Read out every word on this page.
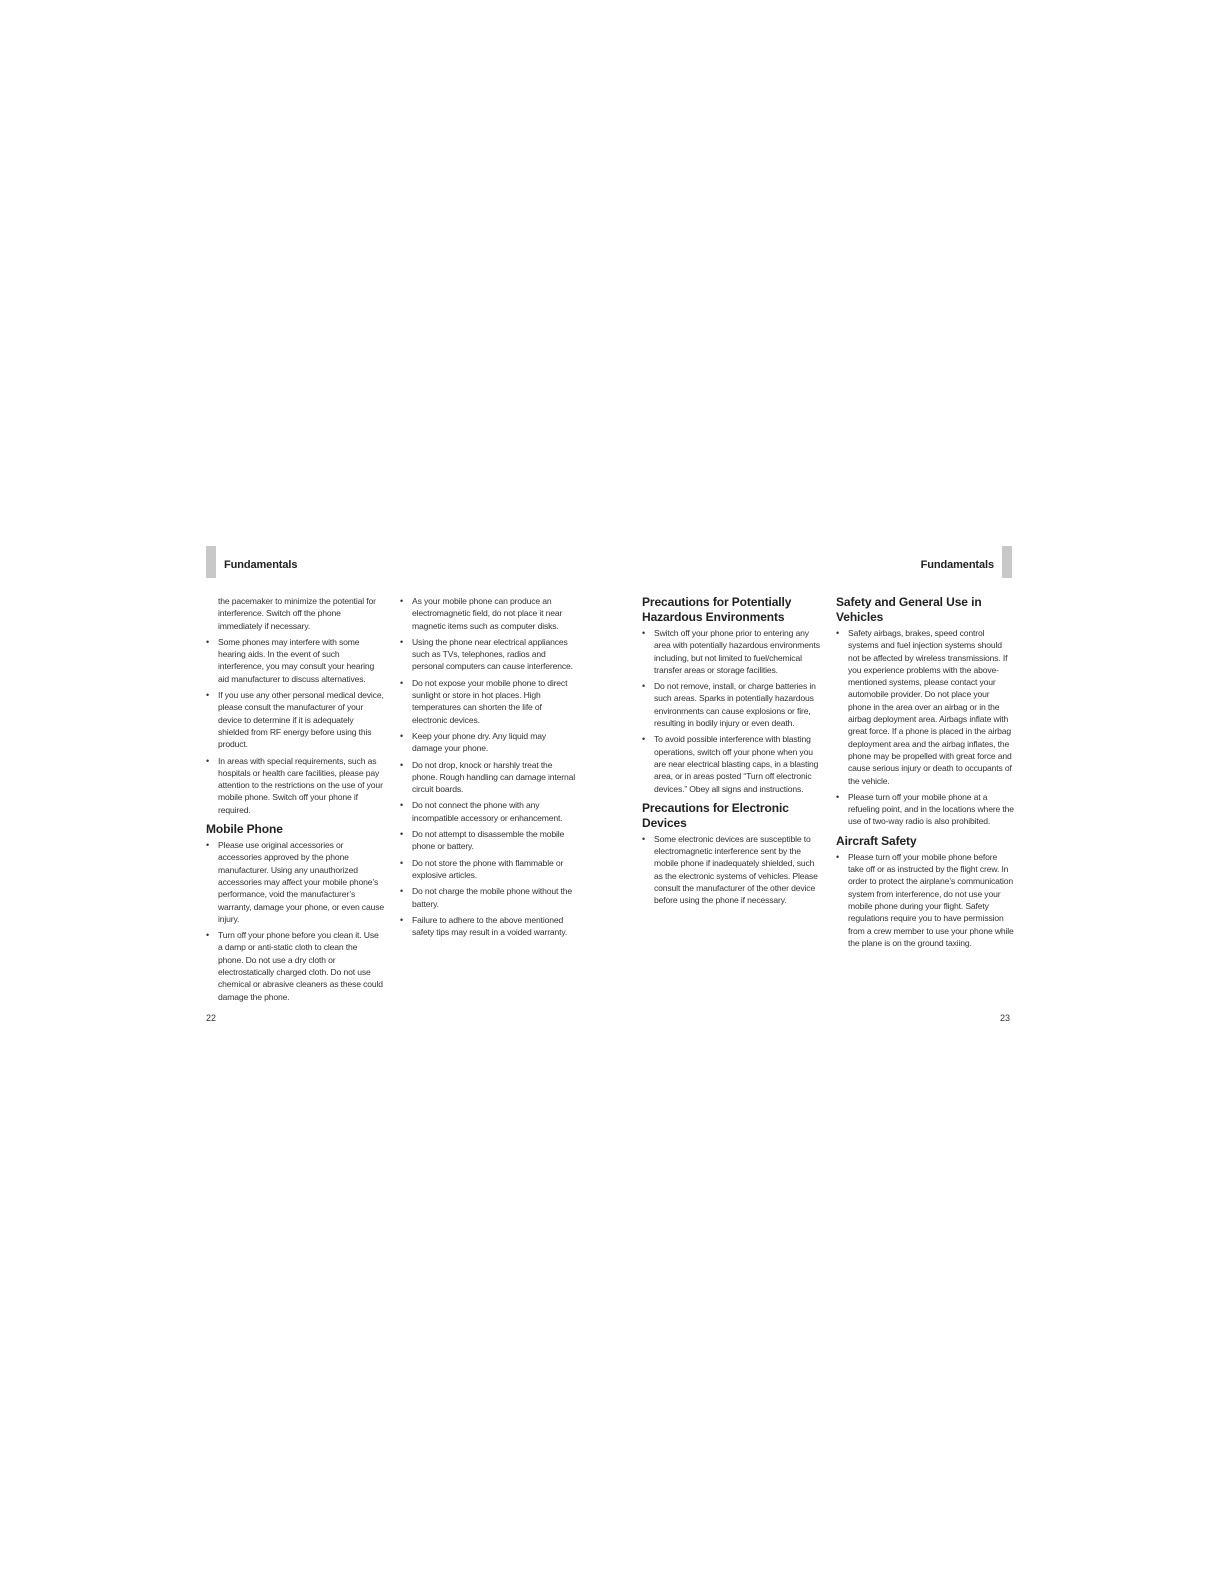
Fundamentals	Fundamentals

the pacemaker to minimize the potential for interference. Switch off the phone immediately if necessary.

• Some phones may interfere with some hearing aids. In the event of such interference, you may consult your hearing aid manufacturer to discuss alternatives.
• If you use any other personal medical device, please consult the manufacturer of your device to determine if it is adequately shielded from RF energy before using this product.
• In areas with special requirements, such as hospitals or health care facilities, please pay attention to the restrictions on the use of your mobile phone. Switch off your phone if required.
Mobile Phone
• Please use original accessories or accessories approved by the phone manufacturer. Using any unauthorized accessories may affect your mobile phone’s performance, void the manufacturer’s warranty, damage your phone, or even cause injury.
• Turn off your phone before you clean it. Use a damp or anti-static cloth to clean the phone. Do not use a dry cloth or electrostatically charged cloth. Do not use chemical or abrasive cleaners as these could damage the phone.
• As your mobile phone can produce an electromagnetic field, do not place it near magnetic items such as computer disks.
• Using the phone near electrical appliances such as TVs, telephones, radios and personal computers can cause interference.
• Do not expose your mobile phone to direct sunlight or store in hot places. High temperatures can shorten the life of electronic devices.
• Keep your phone dry. Any liquid may damage your phone.
• Do not drop, knock or harshly treat the phone. Rough handling can damage internal circuit boards.
• Do not connect the phone with any incompatible accessory or enhancement.
• Do not attempt to disassemble the mobile phone or battery.
• Do not store the phone with flammable or explosive articles.
• Do not charge the mobile phone without the battery.
• Failure to adhere to the above mentioned safety tips may result in a voided warranty.
Precautions for Potentially Hazardous Environments
• Switch off your phone prior to entering any area with potentially hazardous environments including, but not limited to fuel/chemical transfer areas or storage facilities.
• Do not remove, install, or charge batteries in such areas. Sparks in potentially hazardous environments can cause explosions or fire, resulting in bodily injury or even death.
• To avoid possible interference with blasting operations, switch off your phone when you are near electrical blasting caps, in a blasting area, or in areas posted “Turn off electronic devices.” Obey all signs and instructions.
Precautions for Electronic Devices
• Some electronic devices are susceptible to electromagnetic interference sent by the mobile phone if inadequately shielded, such as the electronic systems of vehicles. Please consult the manufacturer of the other device before using the phone if necessary.
Safety and General Use in Vehicles
• Safety airbags, brakes, speed control systems and fuel injection systems should not be affected by wireless transmissions. If you experience problems with the above-mentioned systems, please contact your automobile provider. Do not place your phone in the area over an airbag or in the airbag deployment area. Airbags inflate with great force. If a phone is placed in the airbag deployment area and the airbag inflates, the phone may be propelled with great force and cause serious injury or death to occupants of the vehicle.
• Please turn off your mobile phone at a refueling point, and in the locations where the use of two-way radio is also prohibited.
Aircraft Safety
• Please turn off your mobile phone before take off or as instructed by the flight crew. In order to protect the airplane’s communication system from interference, do not use your mobile phone during your flight. Safety regulations require you to have permission from a crew member to use your phone while the plane is on the ground taxiing.
22	23
